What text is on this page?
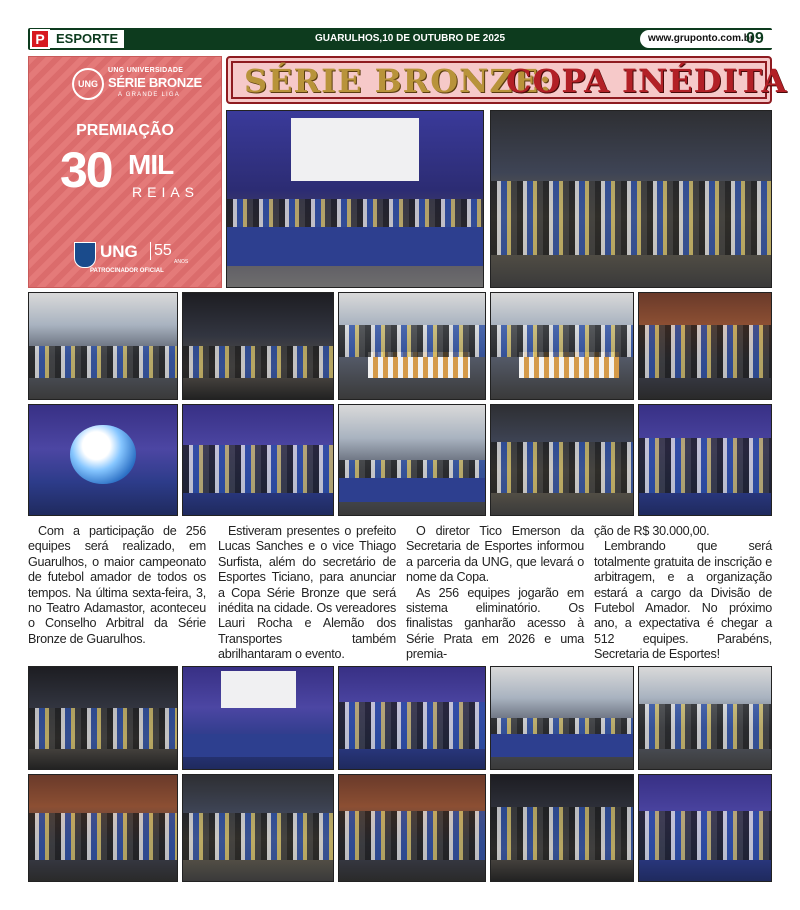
P ESPORTE	GUARULHOS,10 DE OUTUBRO DE 2025	www.gruponto.com.br
09
UNG
UNG UNIVERSIDADE
SÉRIE BRONZE
A GRANDE LIGA
PREMIAÇÃO
30 MIL
REIAS
UNG 55
ANOS
PATROCINADOR OFICIAL
SÉRIE BRONZE:
COPA INÉDITA

Com a participação de 256 equipes será realizado, em Guarulhos, o maior campeonato de futebol amador de todos os tempos. Na última sexta-feira, 3, no Teatro Adamastor, aconteceu o Conselho Arbitral da Série Bronze de Guarulhos.

Estiveram presentes o prefeito Lucas Sanches e o vice Thiago Surfista, além do secretário de Esportes Ticiano, para anunciar a Copa Série Bronze que será inédita na cidade. Os vereadores Lauri Rocha e Alemão dos Transportes também abrilhantaram o evento.

O diretor Tico Emerson da Secretaria de Esportes informou a parceria da UNG, que levará o nome da Copa.

As 256 equipes jogarão em sistema eliminatório. Os finalistas ganharão acesso à Série Prata em 2026 e uma premia-

ção de R$ 30.000,00.

Lembrando que será totalmente gratuita de inscrição e arbitragem, e a organização estará a cargo da Divisão de Futebol Amador. No próximo ano, a expectativa é chegar a 512 equipes. Parabéns, Secretaria de Esportes!
